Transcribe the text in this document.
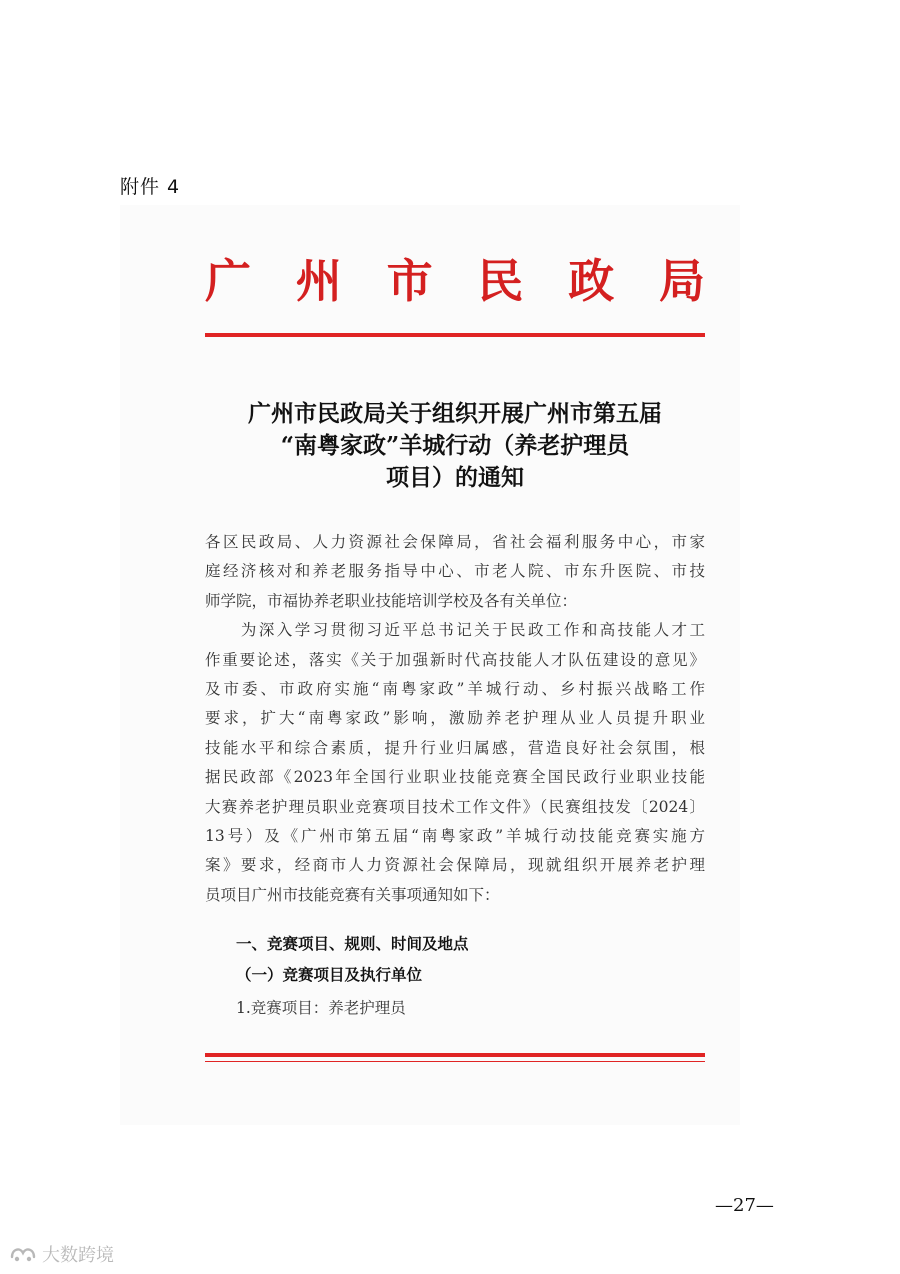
附件 4
广 州 市 民 政 局
广州市民政局关于组织开展广州市第五届
“南粤家政”羊城行动（养老护理员
项目）的通知
各区民政局、人力资源社会保障局，省社会福利服务中心，市家
庭经济核对和养老服务指导中心、市老人院、市东升医院、市技
师学院，市福协养老职业技能培训学校及各有关单位：
　　为深入学习贯彻习近平总书记关于民政工作和高技能人才工
作重要论述，落实《关于加强新时代高技能人才队伍建设的意见》
及市委、市政府实施“南粤家政”羊城行动、乡村振兴战略工作
要求，扩大“南粤家政”影响，激励养老护理从业人员提升职业
技能水平和综合素质，提升行业归属感，营造良好社会氛围，根
据民政部《2023年全国行业职业技能竞赛全国民政行业职业技能
大赛养老护理员职业竞赛项目技术工作文件》（民赛组技发〔2024〕
13号）及《广州市第五届“南粤家政”羊城行动技能竞赛实施方
案》要求，经商市人力资源社会保障局，现就组织开展养老护理
员项目广州市技能竞赛有关事项通知如下：
一、竞赛项目、规则、时间及地点
（一）竞赛项目及执行单位
1.竞赛项目：养老护理员
—27—
大数跨境
